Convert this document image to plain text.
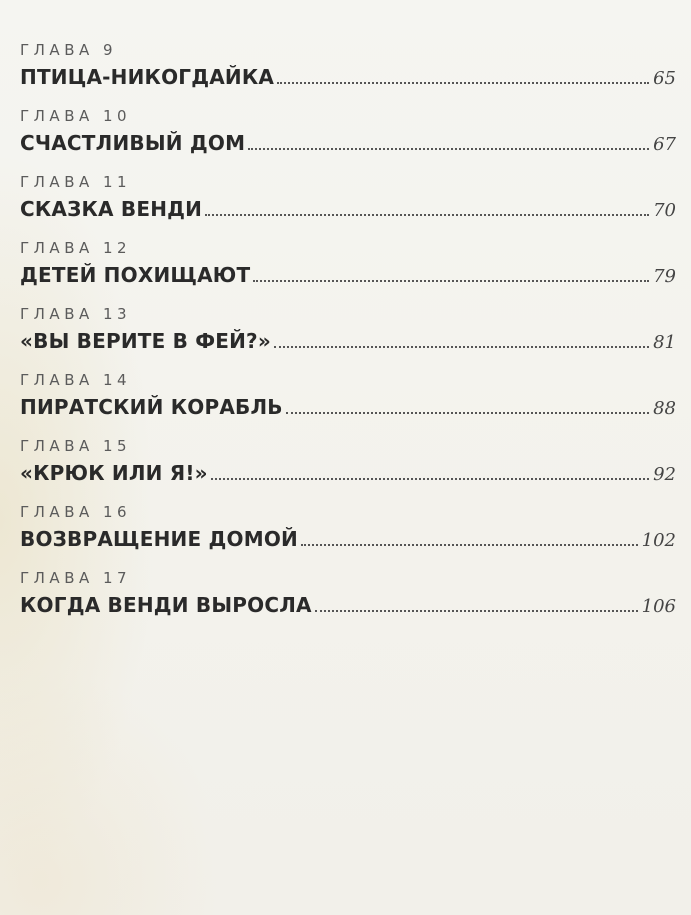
ГЛАВА 9
ПТИЦА-НИКОГДАЙКА	65
ГЛАВА 10
СЧАСТЛИВЫЙ ДОМ	67
ГЛАВА 11
СКАЗКА ВЕНДИ	70
ГЛАВА 12
ДЕТЕЙ ПОХИЩАЮТ	79
ГЛАВА 13
«ВЫ ВЕРИТЕ В ФЕЙ?»	81
ГЛАВА 14
ПИРАТСКИЙ КОРАБЛЬ	88
ГЛАВА 15
«КРЮК ИЛИ Я!»	92
ГЛАВА 16
ВОЗВРАЩЕНИЕ ДОМОЙ	102
ГЛАВА 17
КОГДА ВЕНДИ ВЫРОСЛА	106
